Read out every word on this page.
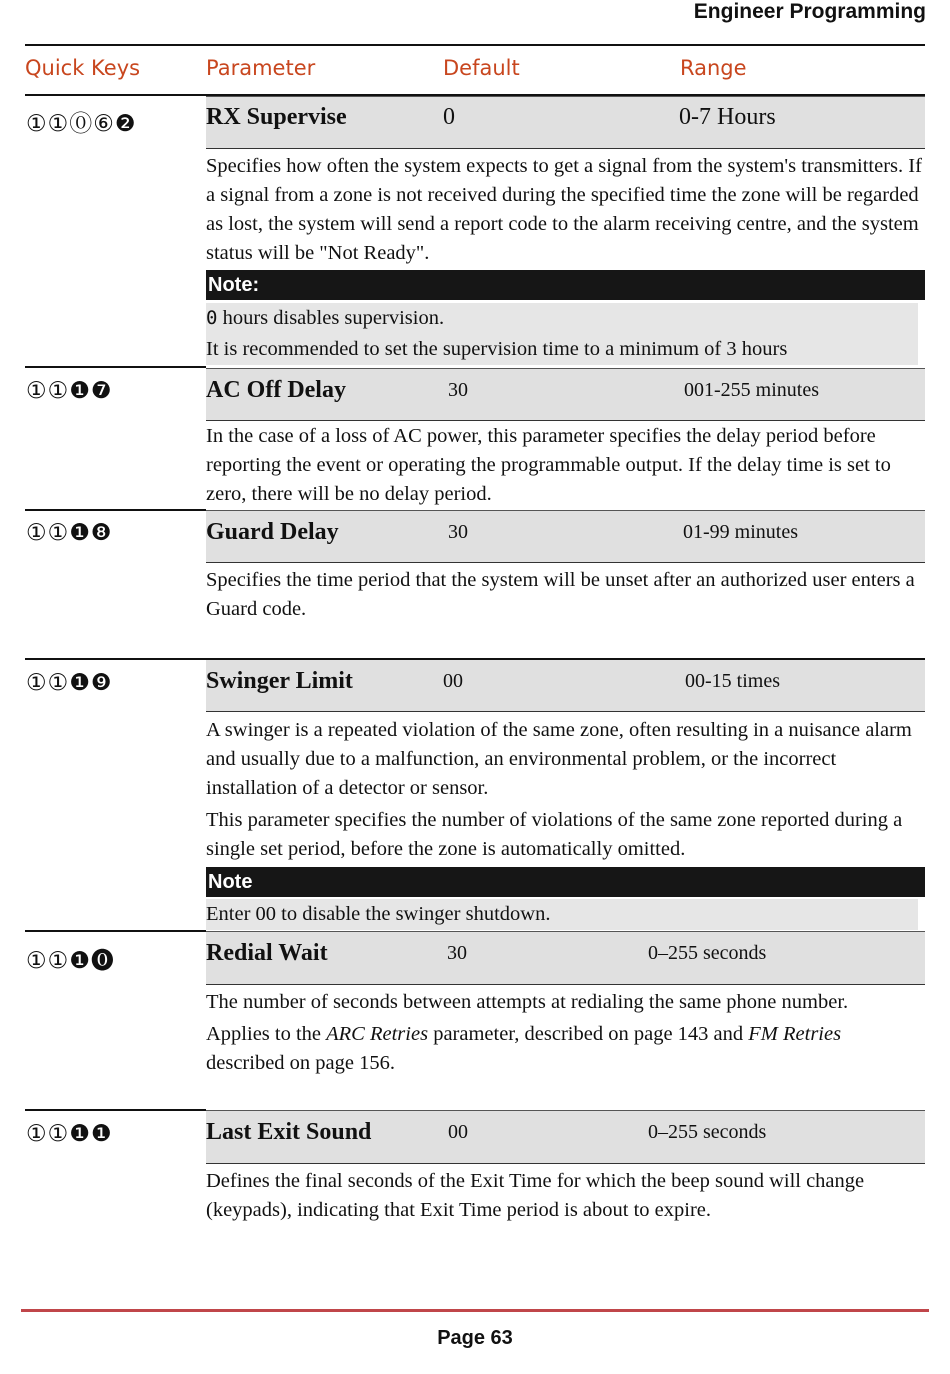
Engineer Programming
Quick Keys	Parameter	Default	Range
①①⓪⑥❷	RX Supervise	0	0-7 Hours

Specifies how often the system expects to get a signal from the system's transmitters. If a signal from a zone is not received during the specified time the zone will be regarded as lost, the system will send a report code to the alarm receiving centre, and the system status will be "Not Ready".

Note:

0 hours disables supervision.

It is recommended to set the supervision time to a minimum of 3 hours

①①❶❼	AC Off Delay	30	001-255 minutes

In the case of a loss of AC power, this parameter specifies the delay period before reporting the event or operating the programmable output. If the delay time is set to zero, there will be no delay period.

①①❶❽	Guard Delay	30	01-99 minutes

Specifies the time period that the system will be unset after an authorized user enters a Guard code.

①①❶❾	Swinger Limit	00	00-15 times

A swinger is a repeated violation of the same zone, often resulting in a nuisance alarm and usually due to a malfunction, an environmental problem, or the incorrect installation of a detector or sensor.

This parameter specifies the number of violations of the same zone reported during a single set period, before the zone is automatically omitted.

Note

Enter 00 to disable the swinger shutdown.

①①❶⓿	Redial Wait	30	0–255 seconds

The number of seconds between attempts at redialing the same phone number.

Applies to the ARC Retries parameter, described on page 143 and FM Retries described on page 156.

①①❶❶	Last Exit Sound	00	0–255 seconds

Defines the final seconds of the Exit Time for which the beep sound will change (keypads), indicating that Exit Time period is about to expire.

Page 63
